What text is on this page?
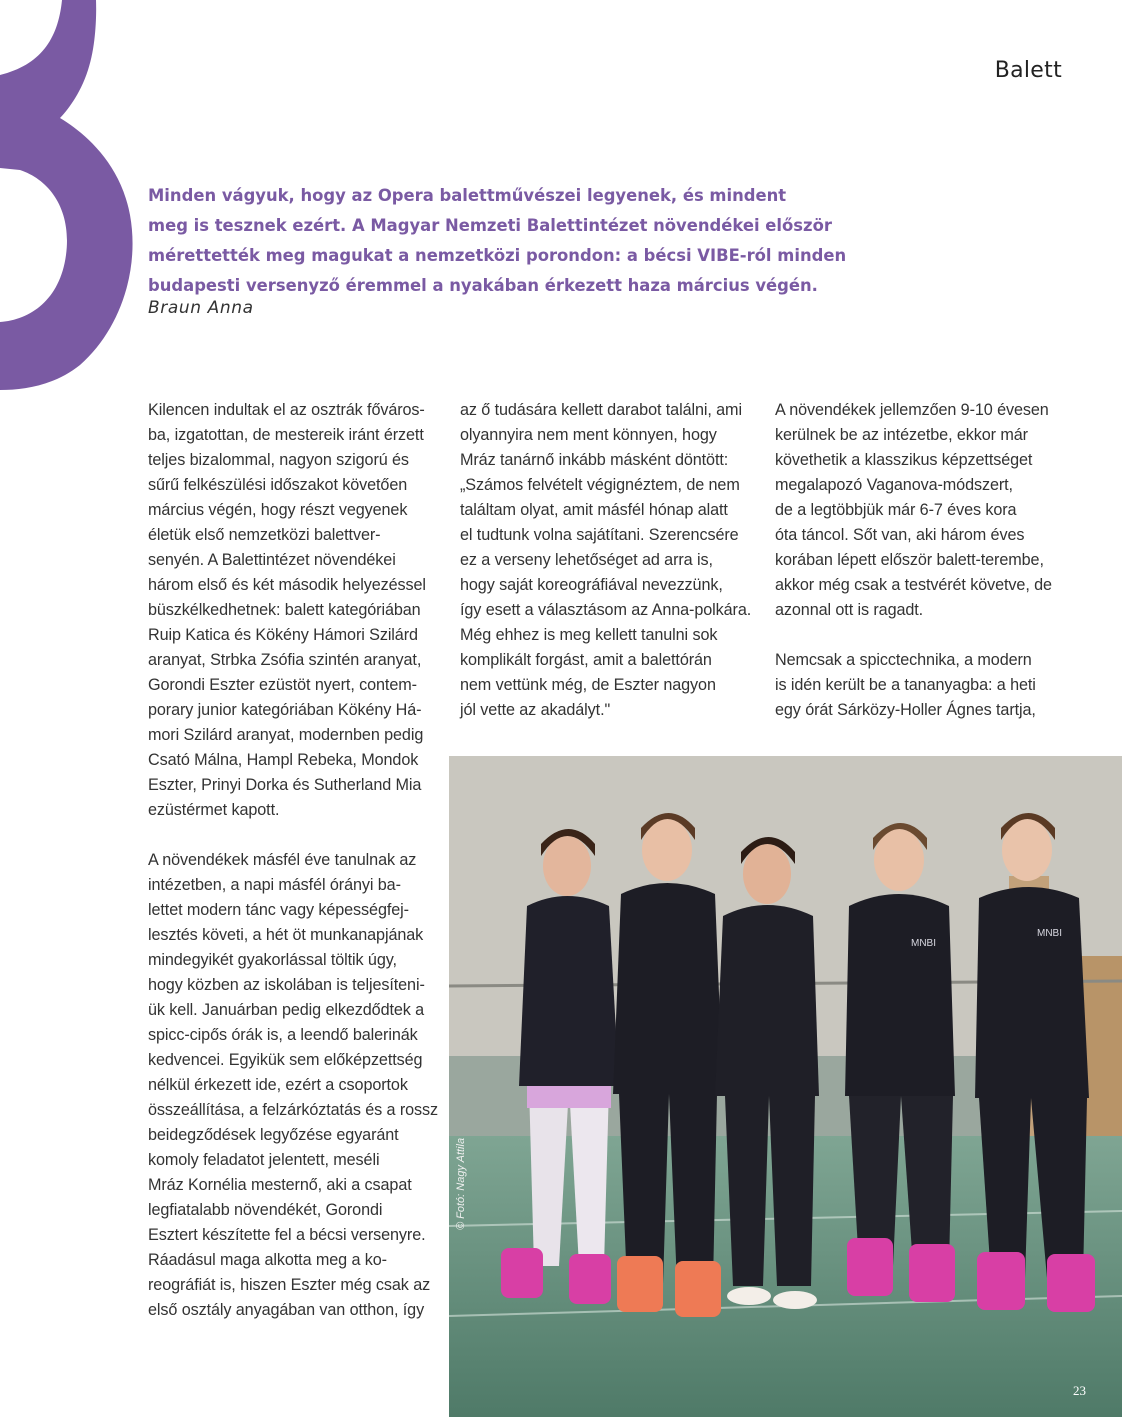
Balett
Minden vágyuk, hogy az Opera balettművészei legyenek, és mindent
meg is tesznek ezért. A Magyar Nemzeti Balettintézet növendékei először
mérettették meg magukat a nemzetközi porondon: a bécsi VIBE-ról minden
budapesti versenyző éremmel a nyakában érkezett haza március végén.
Braun Anna
Kilencen indultak el az osztrák főváros-
ba, izgatottan, de mestereik iránt érzett
teljes bizalommal, nagyon szigorú és
sűrű felkészülési időszakot követően
március végén, hogy részt vegyenek
életük első nemzetközi balettver-
senyén. A Balettintézet növendékei
három első és két második helyezéssel
büszkélkedhetnek: balett kategóriában
Ruip Katica és Kökény Hámori Szilárd
aranyat, Strbka Zsófia szintén aranyat,
Gorondi Eszter ezüstöt nyert, contem-
porary junior kategóriában Kökény Há-
mori Szilárd aranyat, modernben pedig
Csató Málna, Hampl Rebeka, Mondok
Eszter, Prinyi Dorka és Sutherland Mia
ezüstérmet kapott.
A növendékek másfél éve tanulnak az
intézetben, a napi másfél órányi ba-
lettet modern tánc vagy képességfej-
lesztés követi, a hét öt munkanapjának
mindegyikét gyakorlással töltik úgy,
hogy közben az iskolában is teljesíteni-
ük kell. Januárban pedig elkezdődtek a
spicc-cipős órák is, a leendő balerinák
kedvencei. Egyikük sem előképzettség
nélkül érkezett ide, ezért a csoportok
összeállítása, a felzárkóztatás és a rossz
beidegződések legyőzése egyaránt
komoly feladatot jelentett, meséli
Mráz Kornélia mesternő, aki a csapat
legfiatalabb növendékét, Gorondi
Esztert készítette fel a bécsi versenyre.
Ráadásul maga alkotta meg a ko-
reográfiát is, hiszen Eszter még csak az
első osztály anyagában van otthon, így
az ő tudására kellett darabot találni, ami
olyannyira nem ment könnyen, hogy
Mráz tanárnő inkább másként döntött:
„Számos felvételt végignéztem, de nem
találtam olyat, amit másfél hónap alatt
el tudtunk volna sajátítani. Szerencsére
ez a verseny lehetőséget ad arra is,
hogy saját koreográfiával nevezzünk,
így esett a választásom az Anna-polkára.
Még ehhez is meg kellett tanulni sok
komplikált forgást, amit a balettórán
nem vettünk még, de Eszter nagyon
jól vette az akadályt."
A növendékek jellemzően 9-10 évesen
kerülnek be az intézetbe, ekkor már
követhetik a klasszikus képzettséget
megalapozó Vaganova-módszert,
de a legtöbbjük már 6-7 éves kora
óta táncol. Sőt van, aki három éves
korában lépett először balett-terembe,
akkor még csak a testvérét követve, de
azonnal ott is ragadt.
Nemcsak a spicctechnika, a modern
is idén került be a tananyagba: a heti
egy órát Sárközy-Holler Ágnes tartja,
MNBI
MNBI
© Fotó: Nagy Attila
23
